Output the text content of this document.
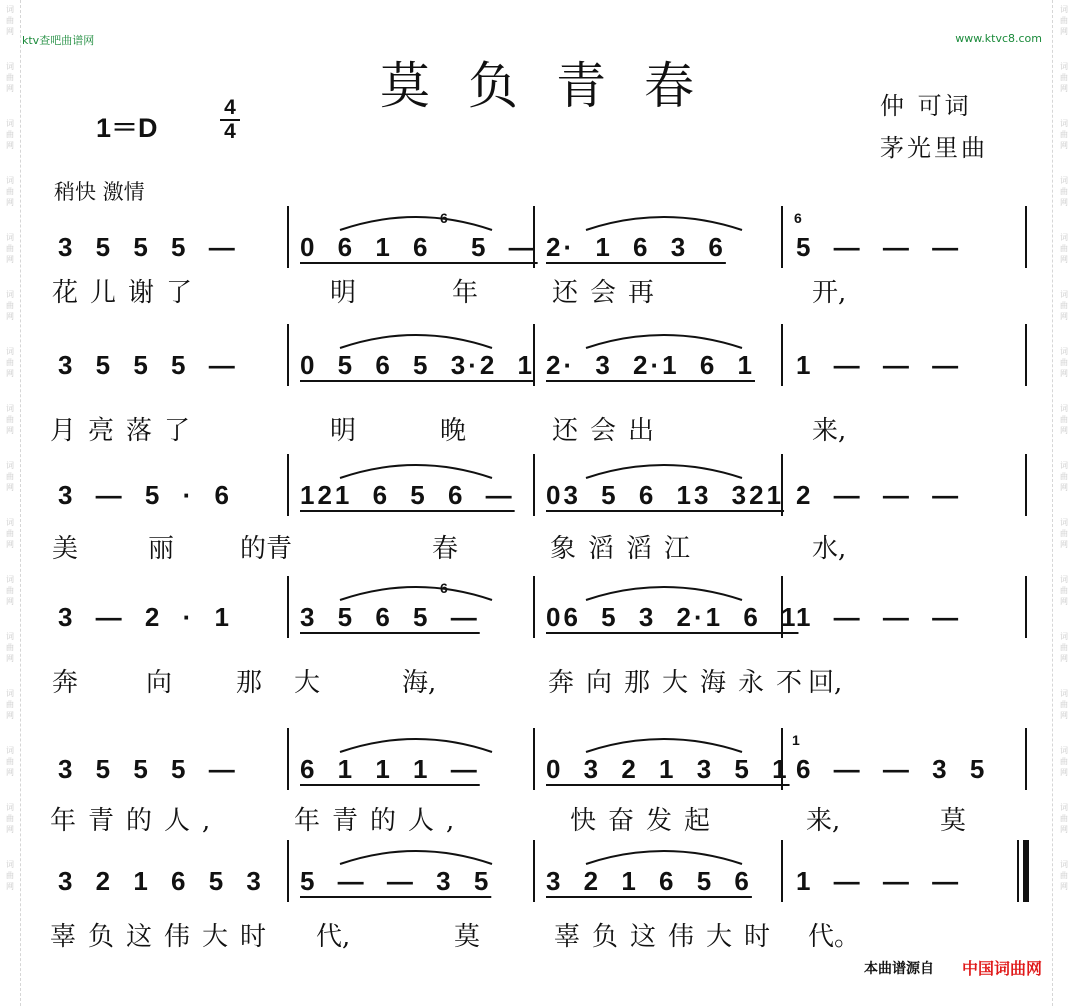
词
曲
网
词
曲
网
词
曲
网
词
曲
网
词
曲
网
词
曲
网
词
曲
网
词
曲
网
词
曲
网
词
曲
网
词
曲
网
词
曲
网
词
曲
网
词
曲
网
词
曲
网
词
曲
网
词
曲
网
词
曲
网
词
曲
网
词
曲
网
词
曲
网
词
曲
网
词
曲
网
词
曲
网
词
曲
网
词
曲
网
词
曲
网
词
曲
网
词
曲
网
词
曲
网
词
曲
网
词
曲
网
ktv查吧曲谱网	www.ktvc8.com
莫负青春
1＝D
4
4
仲 可词
茅光里曲
稍快 激情
3 5 5 5 —	0 6 1 6  5 — 2· 1 6 3 6	5 — — —
6	6
花儿谢了	明	年	还会再	开,
3 5 5 5 —	0 5 6 5 3·2 1 2· 3 2·1 6 1	1 — — —
月亮落了	明	晚	还会出	来,
3 — 5 · 6	121 6 5 6 — 03 5 6 13 321 2 — — —
美	丽	的青	春	象滔滔江	水,
3 — 2 · 1	3 5 6 5 —	06 5 3 2·1 6 1
1 — — —
6
奔	向 那 大	海,	奔向那大海永不
回,
3 5 5 5 —	6 1 1 1 —	0 3 2 1 3 5 1 6 — — 3 5
1
年青的人,	年青的人,	快奋发起	来,	莫
3 2 1 6 5 3 5 — — 3 5	3 2 1 6 5 6	1 — — —
辜负这伟大时 代,	莫	辜负这伟大时 代。
本曲谱源自 中国词曲网
